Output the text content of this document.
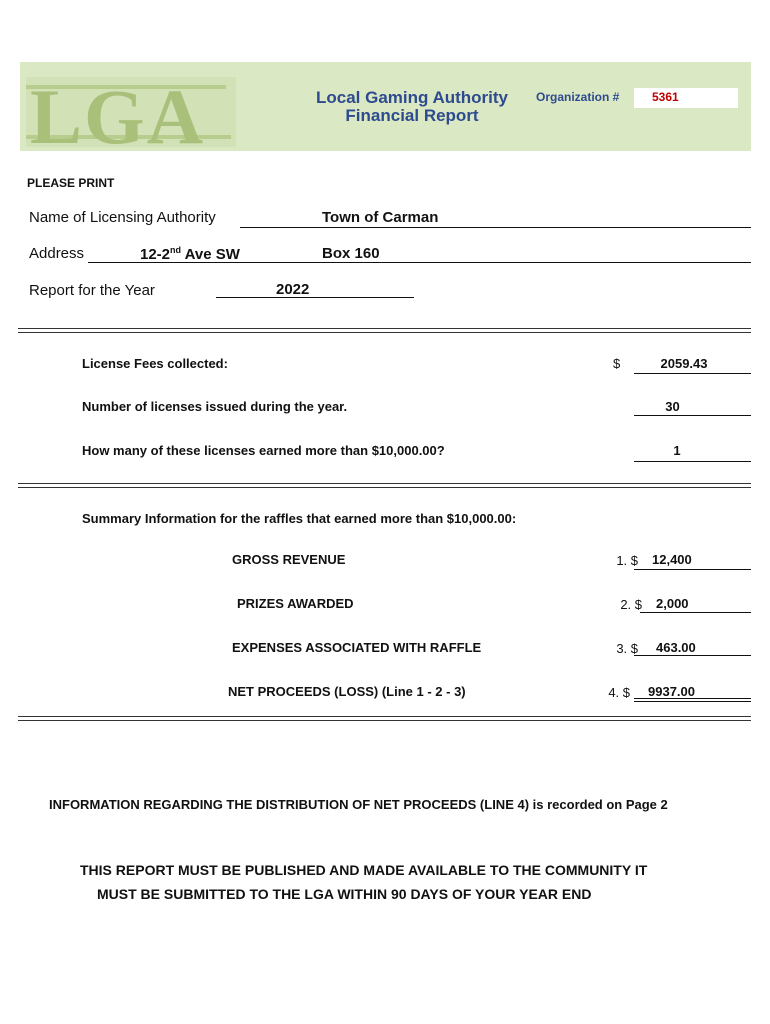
LGA	Local Gaming Authority
Financial Report
Organization #	5361
PLEASE PRINT
Name of Licensing Authority	Town of Carman
Address	12-2nd Ave SW	Box 160
Report for the Year	2022
License Fees collected:	$	2059.43
Number of licenses issued during the year.	30
How many of these licenses earned more than $10,000.00?	1
Summary Information for the raffles that earned more than $10,000.00:
GROSS REVENUE	1. $ 12,400
PRIZES AWARDED	2. $ 2,000
EXPENSES ASSOCIATED WITH RAFFLE	3. $ 463.00
NET PROCEEDS (LOSS) (Line 1 - 2 - 3)	4. $ 9937.00
INFORMATION REGARDING THE DISTRIBUTION OF NET PROCEEDS (LINE 4) is recorded on Page 2
THIS REPORT MUST BE PUBLISHED AND MADE AVAILABLE TO THE COMMUNITY IT
MUST BE SUBMITTED TO THE LGA WITHIN 90 DAYS OF YOUR YEAR END
